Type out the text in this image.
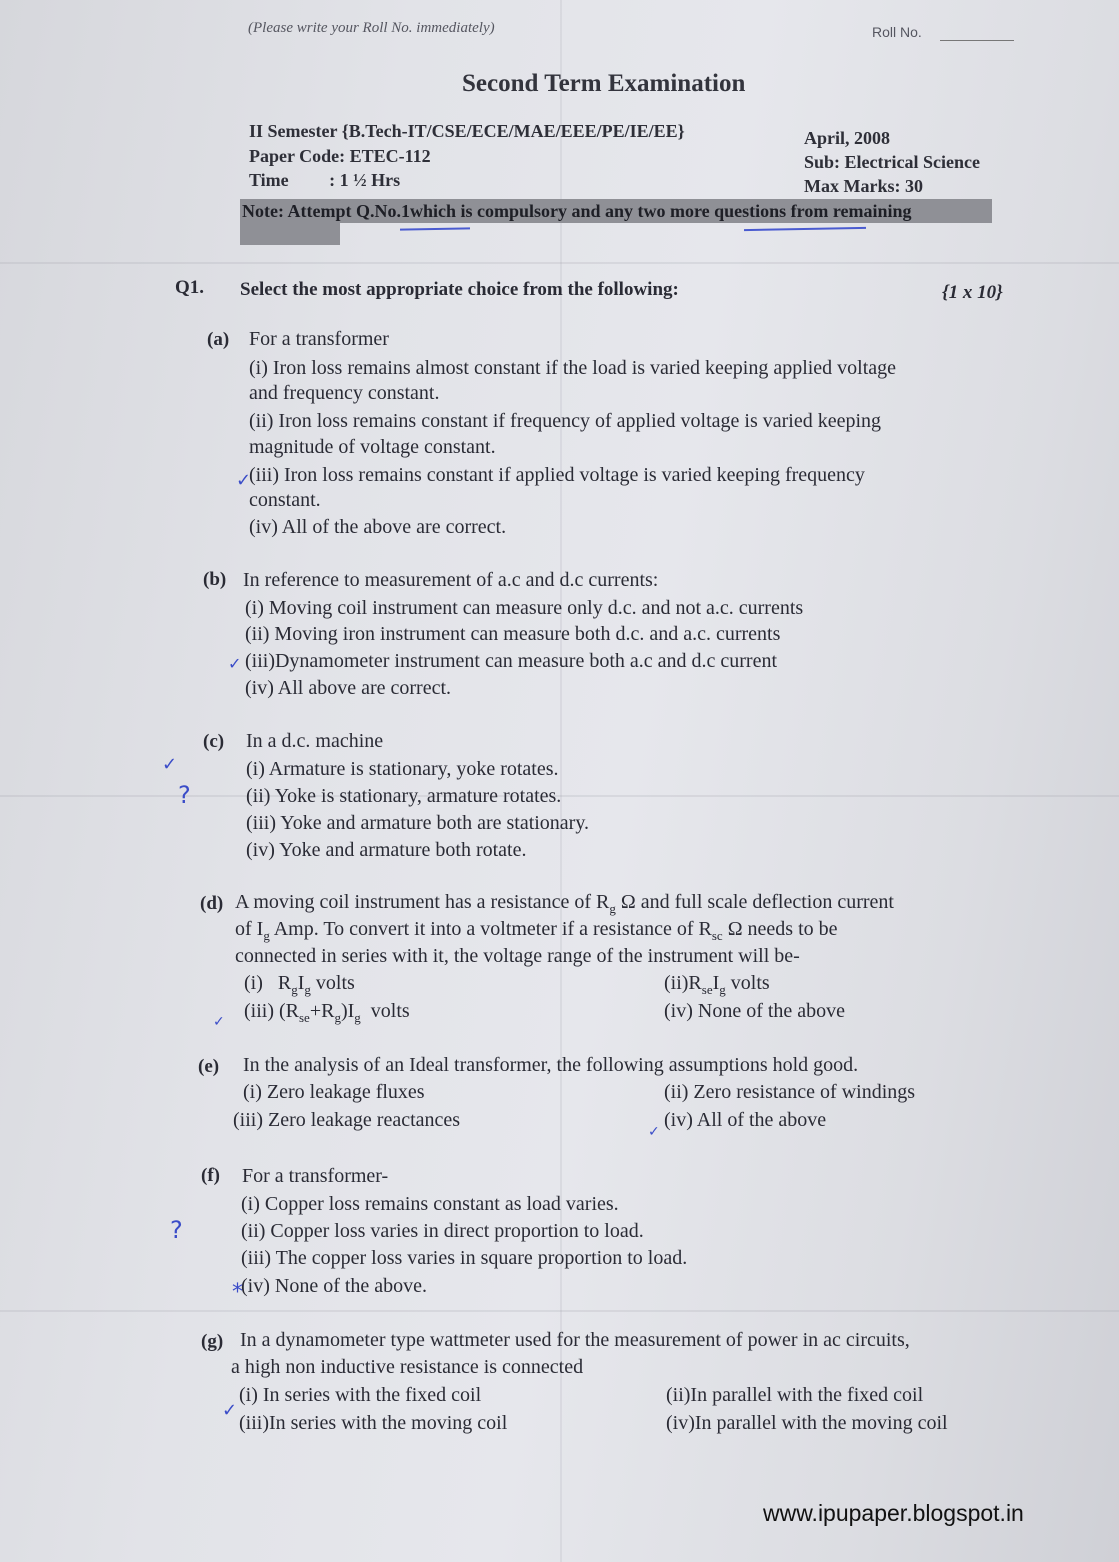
(Please write your Roll No. immediately)	Roll No.
Second Term Examination
II Semester {B.Tech-IT/CSE/ECE/MAE/EEE/PE/IE/EE}	April, 2008
Paper Code: ETEC-112	Sub: Electrical Science
Time         : 1 ½ Hrs	Max Marks: 30
Note: Attempt Q.No.1which is compulsory and any two more questions from remaining
Q1. Select the most appropriate choice from the following:	{1 x 10}
(a) For a transformer
(i) Iron loss remains almost constant if the load is varied keeping applied voltage
and frequency constant.
(ii) Iron loss remains constant if frequency of applied voltage is varied keeping
magnitude of voltage constant.
(iii) Iron loss remains constant if applied voltage is varied keeping frequency
constant.
(iv) All of the above are correct.
✓
(b) In reference to measurement of a.c and d.c currents:
(i) Moving coil instrument can measure only d.c. and not a.c. currents
(ii) Moving iron instrument can measure both d.c. and a.c. currents
(iii)Dynamometer instrument can measure both a.c and d.c current
(iv) All above are correct.
✓
(c) In a d.c. machine
(i) Armature is stationary, yoke rotates.
(ii) Yoke is stationary, armature rotates.
(iii) Yoke and armature both are stationary.
(iv) Yoke and armature both rotate.
✓
?
(d) A moving coil instrument has a resistance of $R_g$ Ω and full scale deflection current
of $I_g$ Amp. To convert it into a voltmeter if a resistance of $R_{sc}$ Ω needs to be
connected in series with it, the voltage range of the instrument will be-
(i)   $R_gI_g$ volts	$(ii)R_{se}I_g$ volts
(iii) $(R_{se}+R_g)I_g$  volts	(iv) None of the above
✓
(e) In the analysis of an Ideal transformer, the following assumptions hold good.
(i) Zero leakage fluxes	(ii) Zero resistance of windings
(iii) Zero leakage reactances	(iv) All of the above
✓
(f) For a transformer-
(i) Copper loss remains constant as load varies.
(ii) Copper loss varies in direct proportion to load.
(iii) The copper loss varies in square proportion to load.
(iv) None of the above.
?
*
(g) In a dynamometer type wattmeter used for the measurement of power in ac circuits,
a high non inductive resistance is connected
(i) In series with the fixed coil	(ii)In parallel with the fixed coil
(iii)In series with the moving coil	(iv)In parallel with the moving coil
✓
www.ipupaper.blogspot.in
